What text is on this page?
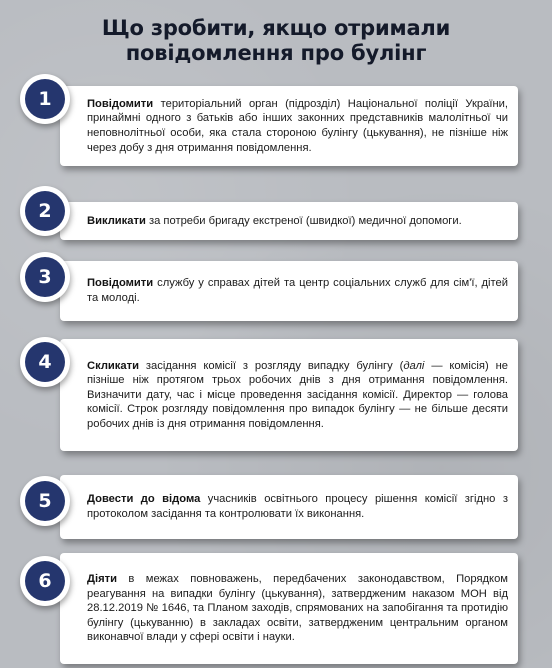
Що зробити, якщо отримали
повідомлення про булінг
Повідомити територіальний орган (підрозділ) Національної поліції України, принаймні одного з батьків або інших законних представників малолітньої чи неповнолітньої особи, яка стала стороною булінгу (цькування), не пізніше ніж через добу з дня отримання повідомлення.
1
Викликати за потреби бригаду екстреної (швидкої) медичної допомоги.
2
Повідомити службу у справах дітей та центр соціальних служб для сім'ї, дітей та молоді.
3
Скликати засідання комісії з розгляду випадку булінгу (далі — комісія) не пізніше ніж протягом трьох робочих днів з дня отримання повідомлення. Визначити дату, час і місце проведення засідання комісії. Директор — голова комісії. Строк розгляду повідомлення про випадок булінгу — не більше десяти робочих днів із дня отримання повідомлення.
4
Довести до відома учасників освітнього процесу рішення комісії згідно з протоколом засідання та контролювати їх виконання.
5
Діяти в межах повноважень, передбачених законодавством, Порядком реагування на випадки булінгу (цькування), затвердженим наказом МОН від 28.12.2019 № 1646, та Планом заходів, спрямованих на запобігання та протидію булінгу (цькуванню) в закладах освіти, затвердженим центральним органом виконавчої влади у сфері освіти і науки.
6
